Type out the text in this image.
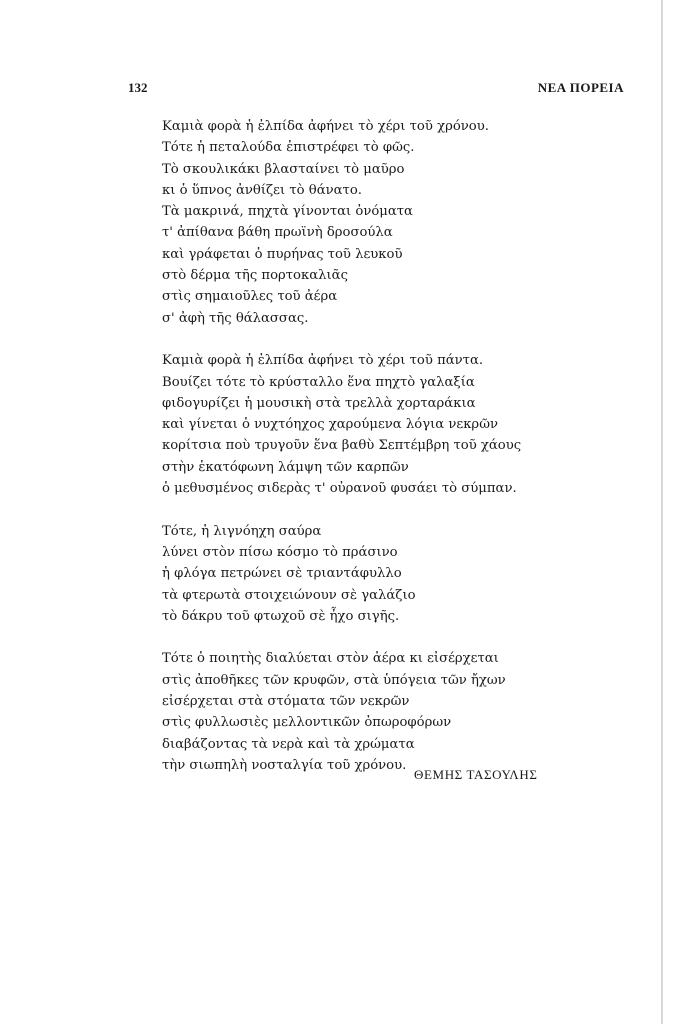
132	ΝΕΑ ΠΟΡΕΙΑ
Καμιὰ φορὰ ἡ ἐλπίδα ἀφήνει τὸ χέρι τοῦ χρόνου.
Τότε ἡ πεταλούδα ἐπιστρέφει τὸ φῶς.
Τὸ σκουλικάκι βλασταίνει τὸ μαῦρο
κι ὁ ὕπνος ἀνθίζει τὸ θάνατο.
Τὰ μακρινά, πηχτὰ γίνονται ὀνόματα
τ' ἀπίθανα βάθη πρωϊνὴ δροσούλα
καὶ γράφεται ὁ πυρήνας τοῦ λευκοῦ
στὸ δέρμα τῆς πορτοκαλιᾶς
στὶς σημαιοῦλες τοῦ ἀέρα
σ' ἀφὴ τῆς θάλασσας.
Καμιὰ φορὰ ἡ ἐλπίδα ἀφήνει τὸ χέρι τοῦ πάντα.
Βουίζει τότε τὸ κρύσταλλο ἕνα πηχτὸ γαλαξία
φιδογυρίζει ἡ μουσικὴ στὰ τρελλὰ χορταράκια
καὶ γίνεται ὁ νυχτόηχος χαρούμενα λόγια νεκρῶν
κορίτσια ποὺ τρυγοῦν ἕνα βαθὺ Σεπτέμβρη τοῦ χάους
στὴν ἑκατόφωνη λάμψη τῶν καρπῶν
ὁ μεθυσμένος σιδερὰς τ' οὐρανοῦ φυσάει τὸ σύμπαν.
Τότε, ἡ λιγνόηχη σαύρα
λύνει στὸν πίσω κόσμο τὸ πράσινο
ἡ φλόγα πετρώνει σὲ τριαντάφυλλο
τὰ φτερωτὰ στοιχειώνουν σὲ γαλάζιο
τὸ δάκρυ τοῦ φτωχοῦ σὲ ἦχο σιγῆς.
Τότε ὁ ποιητὴς διαλύεται στὸν ἀέρα κι εἰσέρχεται
στὶς ἀποθῆκες τῶν κρυφῶν, στὰ ὑπόγεια τῶν ἤχων
εἰσέρχεται στὰ στόματα τῶν νεκρῶν
στὶς φυλλωσιὲς μελλοντικῶν ὀπωροφόρων
διαβάζοντας τὰ νερὰ καὶ τὰ χρώματα
τὴν σιωπηλὴ νοσταλγία τοῦ χρόνου.
ΘΕΜΗΣ ΤΑΣΟΥΛΗΣ
